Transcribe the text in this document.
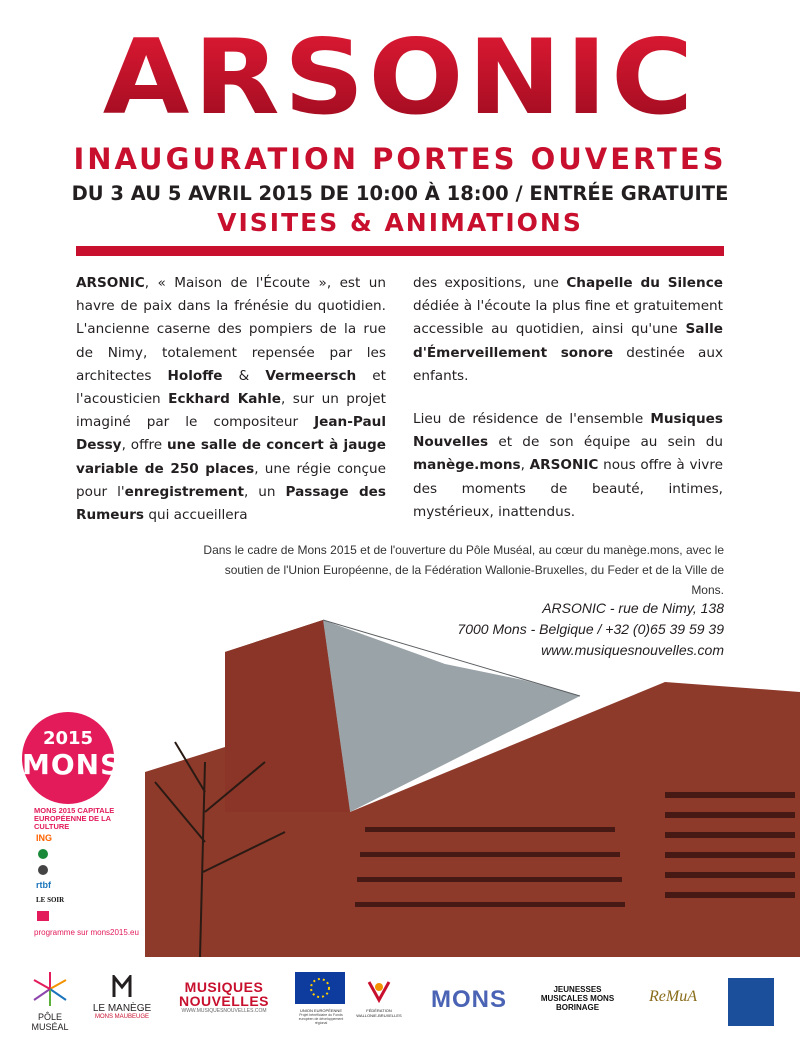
ARSONIC
INAUGURATION PORTES OUVERTES
DU 3 AU 5 AVRIL 2015 DE 10:00 À 18:00 / ENTRÉE GRATUITE
VISITES & ANIMATIONS

ARSONIC, « Maison de l'Écoute », est un havre de paix dans la frénésie du quotidien. L'ancienne caserne des pompiers de la rue de Nimy, totalement repensée par les architectes Holoffe & Vermeersch et l'acousticien Eckhard Kahle, sur un projet imaginé par le compositeur Jean-Paul Dessy, offre une salle de concert à jauge variable de 250 places, une régie conçue pour l'enregistrement, un Passage des Rumeurs qui accueillera

des expositions, une Chapelle du Silence dédiée à l'écoute la plus fine et gratuitement accessible au quotidien, ainsi qu'une Salle d'Émerveillement sonore destinée aux enfants.

Lieu de résidence de l'ensemble Musiques Nouvelles et de son équipe au sein du manège.mons, ARSONIC nous offre à vivre des moments de beauté, intimes, mystérieux, inattendus.

Dans le cadre de Mons 2015 et de l'ouverture du Pôle Muséal, au cœur du manège.mons, avec le
soutien de l'Union Européenne, de la Fédération Wallonie-Bruxelles, du Feder et de la Ville de Mons.
ARSONIC - rue de Nimy, 138
7000 Mons - Belgique / +32 (0)65 39 59 39
www.musiquesnouvelles.com
2015
MONS
MONS 2015 CAPITALE EUROPÉENNE DE LA CULTURE
ING
rtbf
LE SOIR
programme sur mons2015.eu
PÔLE MUSÉAL
LE MANÈGE
MONS MAUBEUGE
MUSIQUES NOUVELLES
WWW.MUSIQUESNOUVELLES.COM	UNION EUROPÉENNE
Projet bénéficiaire du Fonds européen de développement régional
FÉDÉRATION WALLONIE-BRUXELLES
MONS	JEUNESSES MUSICALES MONS BORINAGE
ReMuA
